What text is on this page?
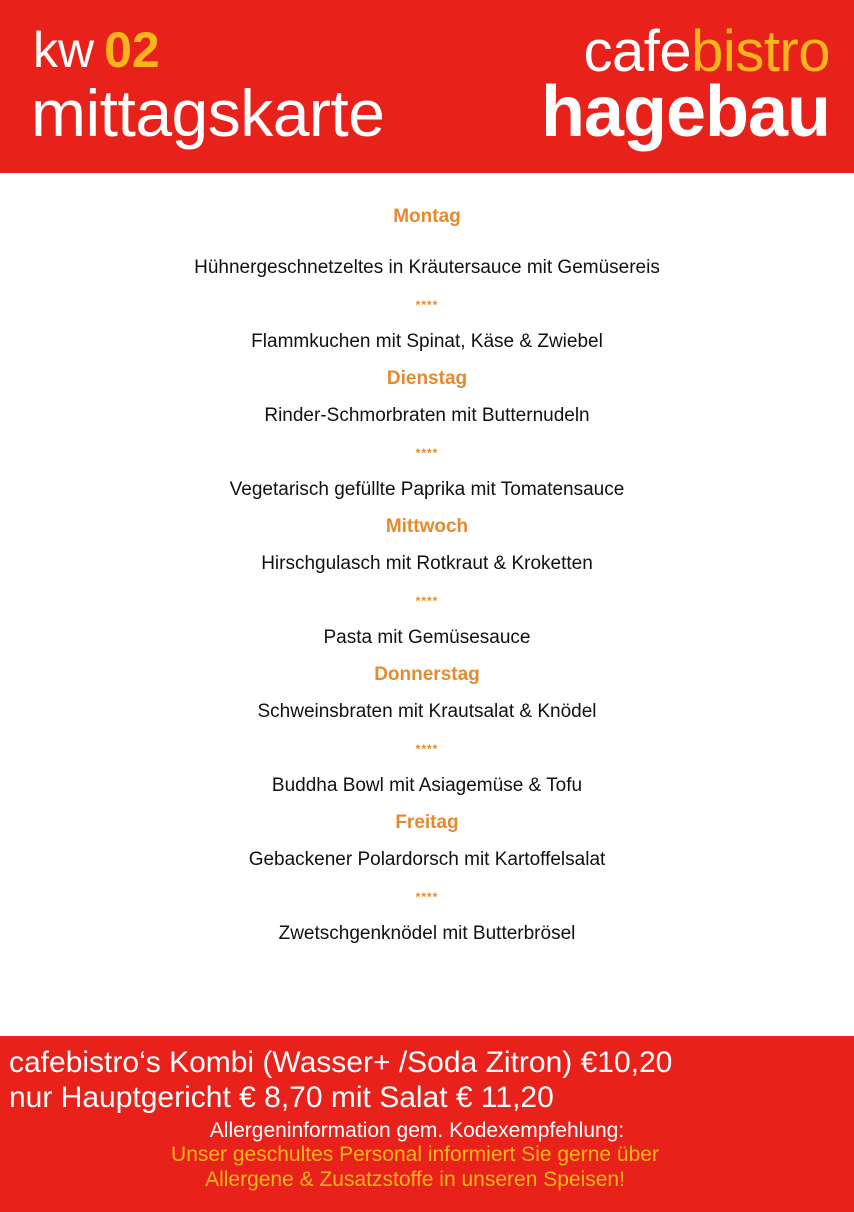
kw 02
mittagskarte
cafebistro
hagebau
Montag
Hühnergeschnetzeltes in Kräutersauce mit Gemüsereis
****
Flammkuchen mit Spinat, Käse & Zwiebel
Dienstag
Rinder-Schmorbraten mit Butternudeln
****
Vegetarisch gefüllte Paprika mit Tomatensauce
Mittwoch
Hirschgulasch mit Rotkraut & Kroketten
****
Pasta mit Gemüsesauce
Donnerstag
Schweinsbraten mit Krautsalat & Knödel
****
Buddha Bowl mit Asiagemüse & Tofu
Freitag
Gebackener Polardorsch mit Kartoffelsalat
****
Zwetschgenknödel mit Butterbrösel
cafebistro‘s Kombi (Wasser+ /Soda Zitron) €10,20
nur Hauptgericht € 8,70 mit Salat € 11,20
Allergeninformation gem. Kodexempfehlung:
Unser geschultes Personal informiert Sie gerne über
Allergene & Zusatzstoffe in unseren Speisen!
